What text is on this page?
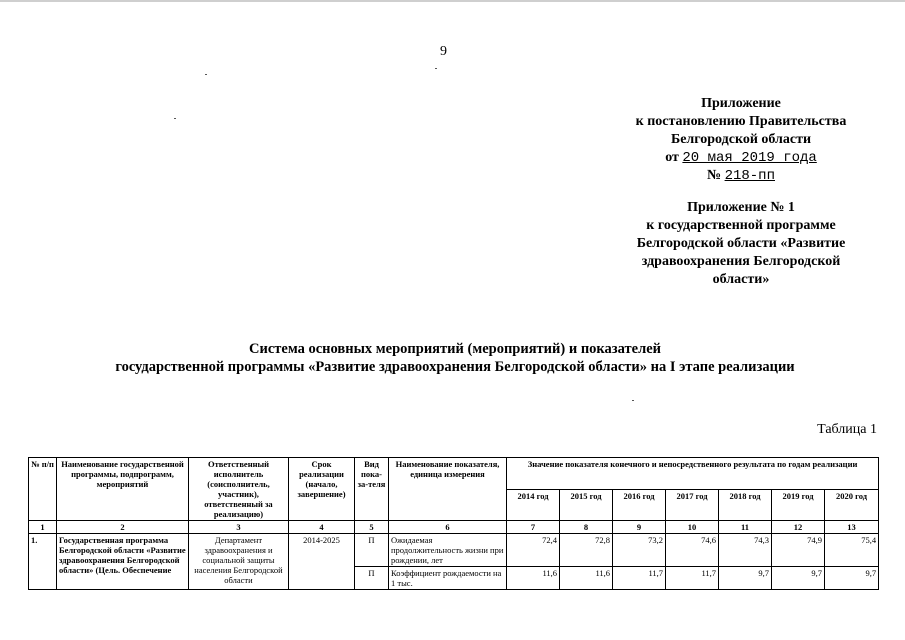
9
Приложение
к постановлению Правительства
Белгородской области
от 20 мая 2019 года
№ 218-пп
Приложение № 1
к государственной программе
Белгородской области «Развитие
здравоохранения Белгородской
области»
Система основных мероприятий (мероприятий) и показателей
государственной программы «Развитие здравоохранения Белгородской области» на I этапе реализации
Таблица 1
№ п/п	Наименование государственной программы, подпрограмм, мероприятий	Ответственный исполнитель (соисполнитель, участник), ответственный за реализацию)	Срок реализации (начало, завершение)	Вид пока-за-теля	Наименование показателя, единица измерения	Значение показателя конечного и непосредственного результата по годам реализации						
						2014 год	2015 год	2016 год	2017 год	2018 год	2019 год	2020 год
1	2	3	4	5	6	7	8	9	10	11	12	13
1.	Государственная программа Белгородской области «Развитие здравоохранения Белгородской области» (Цель. Обеспечение	Департамент здравоохранения и социальной защиты населения Белгородской области	2014-2025	П	Ожидаемая продолжительность жизни при рождении, лет	72,4	72,8	73,2	74,6	74,3	74,9	75,4
				П	Коэффициент рождаемости на 1 тыс.	11,6	11,6	11,7	11,7	9,7	9,7	9,7
